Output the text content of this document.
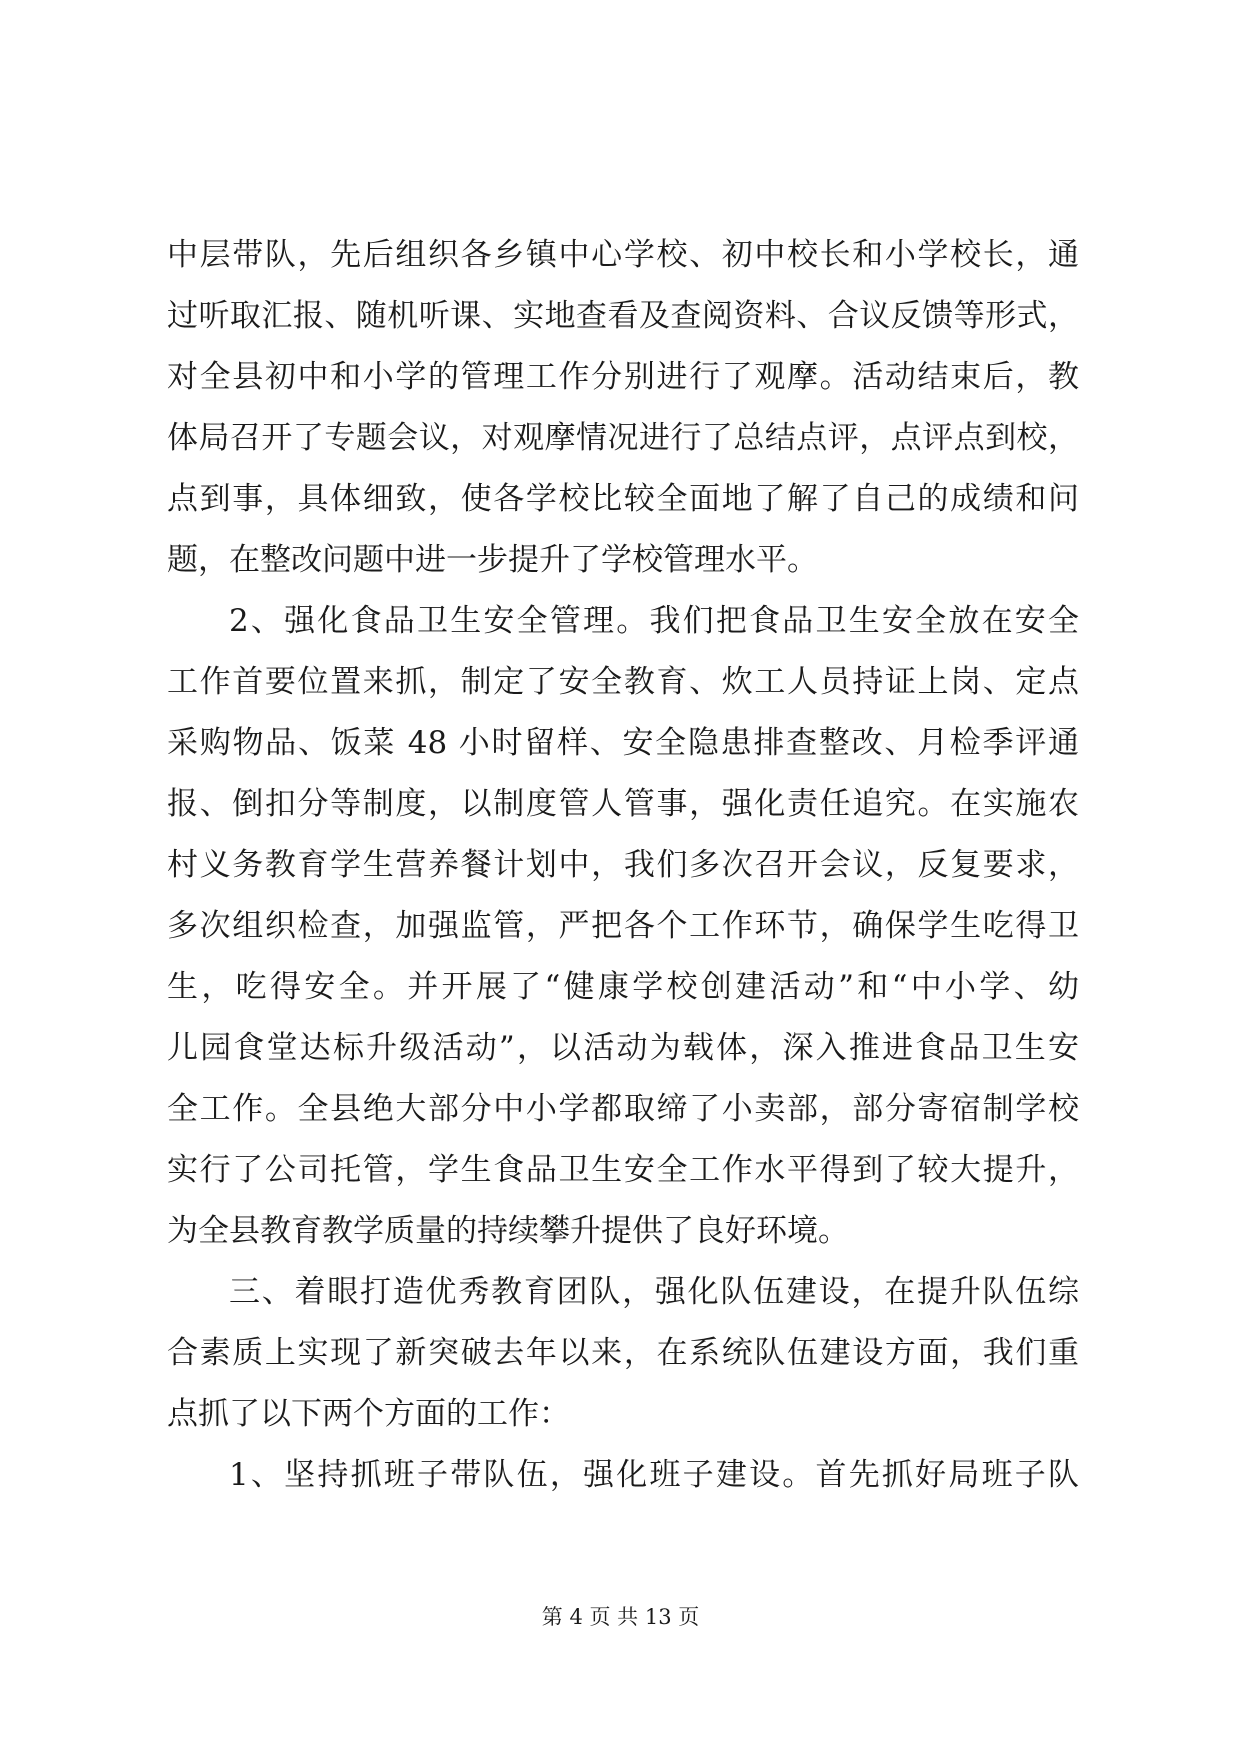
中层带队，先后组织各乡镇中心学校、初中校长和小学校长，通
过听取汇报、随机听课、实地查看及查阅资料、合议反馈等形式，
对全县初中和小学的管理工作分别进行了观摩。活动结束后，教
体局召开了专题会议，对观摩情况进行了总结点评，点评点到校，
点到事，具体细致，使各学校比较全面地了解了自己的成绩和问
题，在整改问题中进一步提升了学校管理水平。
2、强化食品卫生安全管理。我们把食品卫生安全放在安全
工作首要位置来抓，制定了安全教育、炊工人员持证上岗、定点
采购物品、饭菜 48 小时留样、安全隐患排查整改、月检季评通
报、倒扣分等制度，以制度管人管事，强化责任追究。在实施农
村义务教育学生营养餐计划中，我们多次召开会议，反复要求，
多次组织检查，加强监管，严把各个工作环节，确保学生吃得卫
生，吃得安全。并开展了“健康学校创建活动”和“中小学、幼
儿园食堂达标升级活动”，以活动为载体，深入推进食品卫生安
全工作。全县绝大部分中小学都取缔了小卖部，部分寄宿制学校
实行了公司托管，学生食品卫生安全工作水平得到了较大提升，
为全县教育教学质量的持续攀升提供了良好环境。
三、着眼打造优秀教育团队，强化队伍建设，在提升队伍综
合素质上实现了新突破去年以来，在系统队伍建设方面，我们重
点抓了以下两个方面的工作：
1、坚持抓班子带队伍，强化班子建设。首先抓好局班子队
第 4 页 共 13 页
